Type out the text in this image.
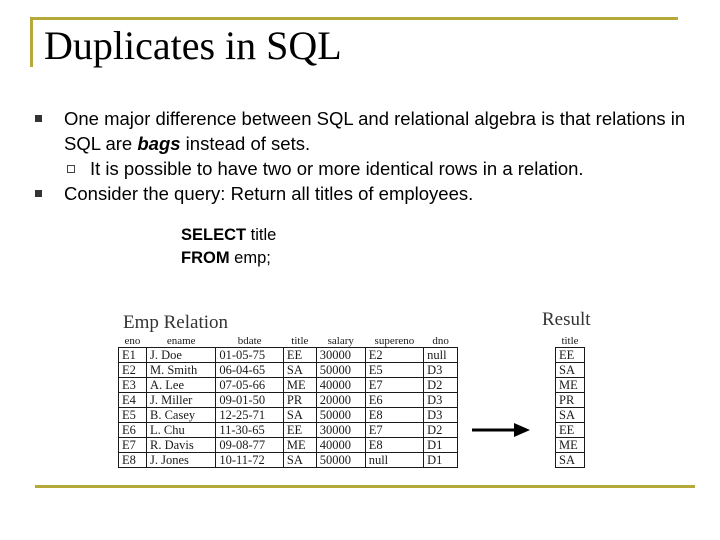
Duplicates in SQL
One major difference between SQL and relational algebra is that relations in SQL are bags instead of sets.
It is possible to have two or more identical rows in a relation.
Consider the query: Return all titles of employees.
SELECT title
FROM emp;
Emp Relation
eno	ename	bdate	title	salary	supereno	dno
E1	J. Doe	01-05-75	EE	30000	E2	null
E2	M. Smith	06-04-65	SA	50000	E5	D3
E3	A. Lee	07-05-66	ME	40000	E7	D2
E4	J. Miller	09-01-50	PR	20000	E6	D3
E5	B. Casey	12-25-71	SA	50000	E8	D3
E6	L. Chu	11-30-65	EE	30000	E7	D2
E7	R. Davis	09-08-77	ME	40000	E8	D1
E8	J. Jones	10-11-72	SA	50000	null	D1
Result
title
EE
SA
ME
PR
SA
EE
ME
SA
